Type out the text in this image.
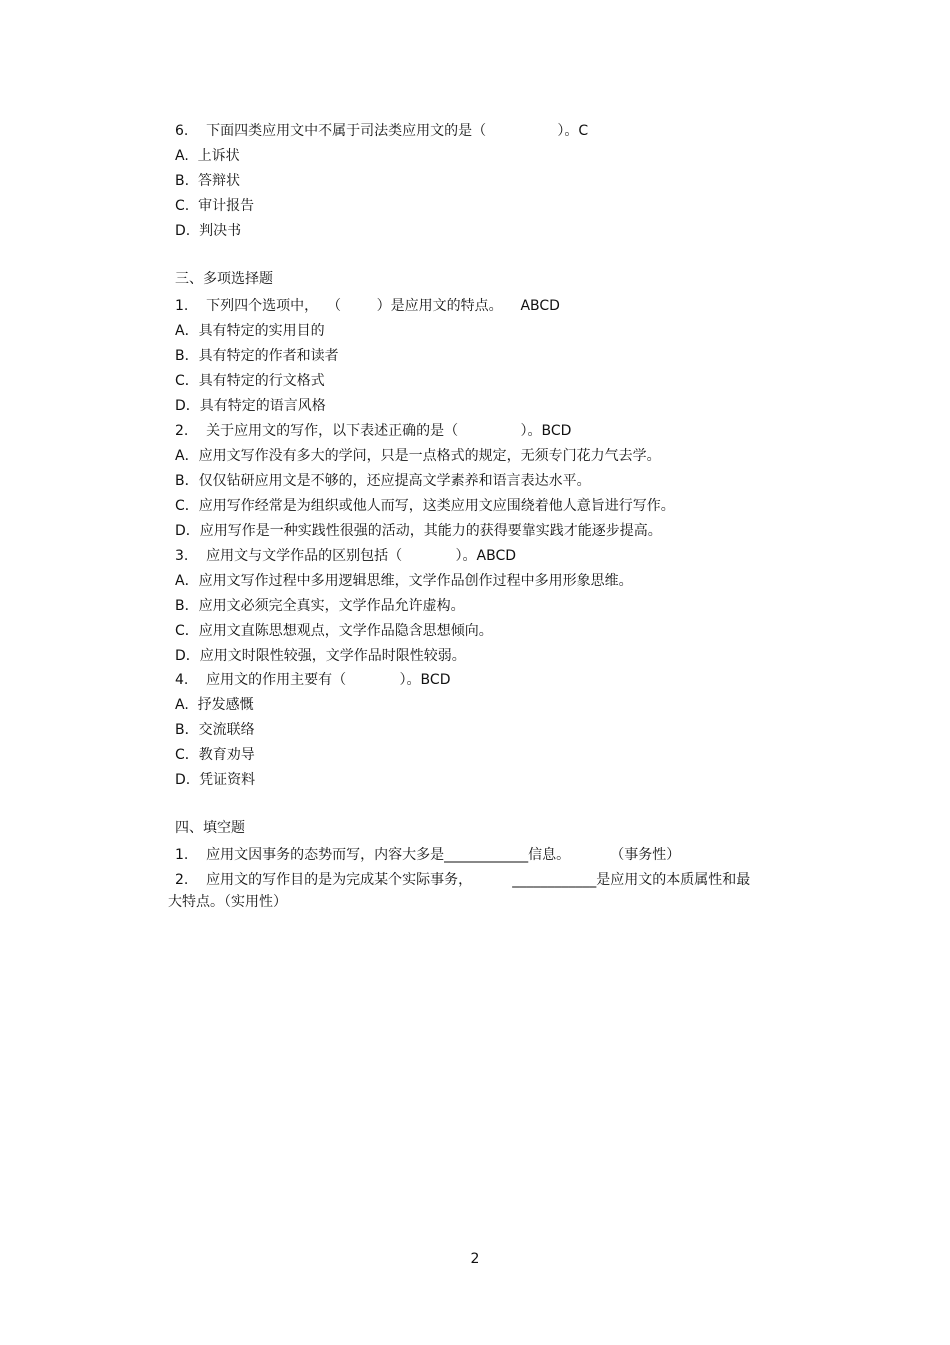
6.    下面四类应用文中不属于司法类应用文的是（                ）。C
A.  上诉状
B.  答辩状
C.  审计报告
D.  判决书
三、多项选择题
1.    下列四个选项中，  （        ）是应用文的特点。    ABCD
A．具有特定的实用目的
B．具有特定的作者和读者
C．具有特定的行文格式
D．具有特定的语言风格
2.    关于应用文的写作，以下表述正确的是（              ）。BCD
A．应用文写作没有多大的学问，只是一点格式的规定，无须专门花力气去学。
B．仅仅钻研应用文是不够的，还应提高文学素养和语言表达水平。
C．应用写作经常是为组织或他人而写，这类应用文应围绕着他人意旨进行写作。
D．应用写作是一种实践性很强的活动，其能力的获得要靠实践才能逐步提高。
3.    应用文与文学作品的区别包括（            ）。ABCD
A．应用文写作过程中多用逻辑思维，文学作品创作过程中多用形象思维。
B．应用文必须完全真实，文学作品允许虚构。
C．应用文直陈思想观点，文学作品隐含思想倾向。
D．应用文时限性较强，文学作品时限性较弱。
4.    应用文的作用主要有（            ）。BCD
A.  抒发感慨
B．交流联络
C．教育劝导
D.  凭证资料
四、填空题
1.    应用文因事务的态势而写，内容大多是____________信息。         （事务性）
2.    应用文的写作目的是为完成某个实际事务，         ____________是应用文的本质属性和最
大特点。（实用性）
2
